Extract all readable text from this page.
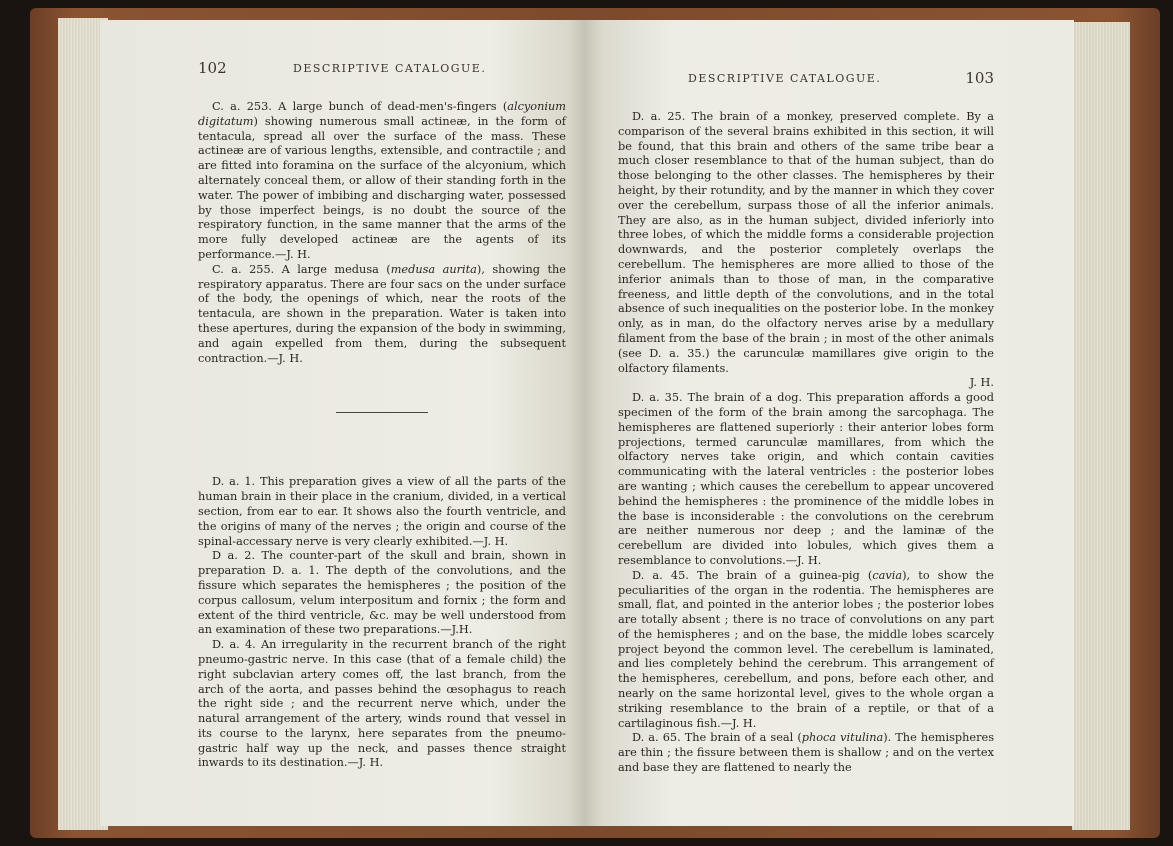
102	DESCRIPTIVE CATALOGUE.

C. a. 253. A large bunch of dead-men's-fingers (alcyonium digitatum) showing numerous small actineæ, in the form of tentacula, spread all over the surface of the mass. These actineæ are of various lengths, extensible, and contractile ; and are fitted into foramina on the surface of the alcyonium, which alternately conceal them, or allow of their standing forth in the water. The power of imbibing and discharging water, possessed by those imperfect beings, is no doubt the source of the respiratory function, in the same manner that the arms of the more fully developed actineæ are the agents of its performance.—J. H.

C. a. 255. A large medusa (medusa aurita), showing the respiratory apparatus. There are four sacs on the under surface of the body, the openings of which, near the roots of the tentacula, are shown in the preparation. Water is taken into these apertures, during the expansion of the body in swimming, and again expelled from them, during the subsequent contraction.—J. H.

D. a. 1. This preparation gives a view of all the parts of the human brain in their place in the cranium, divided, in a vertical section, from ear to ear. It shows also the fourth ventricle, and the origins of many of the nerves ; the origin and course of the spinal-accessary nerve is very clearly exhibited.—J. H.

D a. 2. The counter-part of the skull and brain, shown in preparation D. a. 1. The depth of the convolutions, and the fissure which separates the hemispheres ; the position of the corpus callosum, velum interpositum and fornix ; the form and extent of the third ventricle, &c. may be well understood from an examination of these two preparations.—J.H.

D. a. 4. An irregularity in the recurrent branch of the right pneumo-gastric nerve. In this case (that of a female child) the right subclavian artery comes off, the last branch, from the arch of the aorta, and passes behind the œsophagus to reach the right side ; and the recurrent nerve which, under the natural arrangement of the artery, winds round that vessel in its course to the larynx, here separates from the pneumo-gastric half way up the neck, and passes thence straight inwards to its destination.—J. H.

DESCRIPTIVE CATALOGUE.	103

D. a. 25. The brain of a monkey, preserved complete. By a comparison of the several brains exhibited in this section, it will be found, that this brain and others of the same tribe bear a much closer resemblance to that of the human subject, than do those belonging to the other classes. The hemispheres by their height, by their rotundity, and by the manner in which they cover over the cerebellum, surpass those of all the inferior animals. They are also, as in the human subject, divided inferiorly into three lobes, of which the middle forms a considerable projection downwards, and the posterior completely overlaps the cerebellum. The hemispheres are more allied to those of the inferior animals than to those of man, in the comparative freeness, and little depth of the convolutions, and in the total absence of such inequalities on the posterior lobe. In the monkey only, as in man, do the olfactory nerves arise by a medullary filament from the base of the brain ; in most of the other animals (see D. a. 35.) the carunculæ mamillares give origin to the olfactory filaments.

J. H.

D. a. 35. The brain of a dog. This preparation affords a good specimen of the form of the brain among the sarcophaga. The hemispheres are flattened superiorly : their anterior lobes form projections, termed carunculæ mamillares, from which the olfactory nerves take origin, and which contain cavities communicating with the lateral ventricles : the posterior lobes are wanting ; which causes the cerebellum to appear uncovered behind the hemispheres : the prominence of the middle lobes in the base is inconsiderable : the convolutions on the cerebrum are neither numerous nor deep ; and the laminæ of the cerebellum are divided into lobules, which gives them a resemblance to convolutions.—J. H.

D. a. 45. The brain of a guinea-pig (cavia), to show the peculiarities of the organ in the rodentia. The hemispheres are small, flat, and pointed in the anterior lobes ; the posterior lobes are totally absent ; there is no trace of convolutions on any part of the hemispheres ; and on the base, the middle lobes scarcely project beyond the common level. The cerebellum is laminated, and lies completely behind the cerebrum. This arrangement of the hemispheres, cerebellum, and pons, before each other, and nearly on the same horizontal level, gives to the whole organ a striking resemblance to the brain of a reptile, or that of a cartilaginous fish.—J. H.

D. a. 65. The brain of a seal (phoca vitulina). The hemispheres are thin ; the fissure between them is shallow ; and on the vertex and base they are flattened to nearly the
